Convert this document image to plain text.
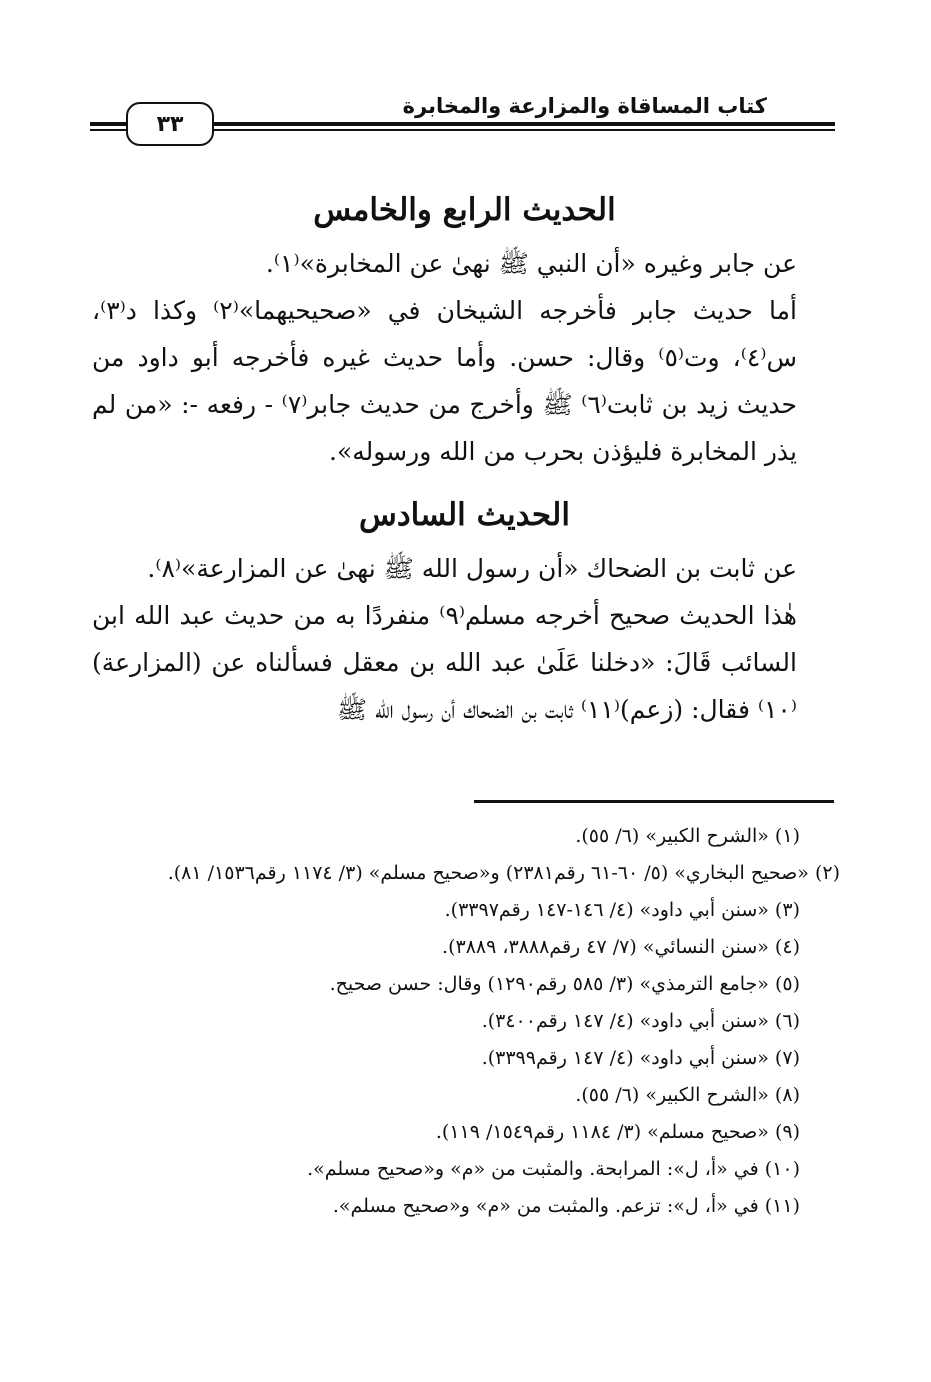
كتاب المساقاة والمزارعة والمخابرة
٣٣
الحديث الرابع والخامس

عن جابر وغيره «أن النبي ﷺ نهىٰ عن المخابرة»⁽١⁾.

أما حديث جابر فأخرجه الشيخان في «صحيحيهما»⁽٢⁾ وكذا د⁽٣⁾، س⁽٤⁾، وت⁽٥⁾ وقال: حسن. وأما حديث غيره فأخرجه أبو داود من حديث زيد بن ثابت⁽٦⁾ ﷺ وأخرج من حديث جابر⁽٧⁾ - رفعه -: «من لم يذر المخابرة فليؤذن بحرب من الله ورسوله».

الحديث السادس

عن ثابت بن الضحاك «أن رسول الله ﷺ نهىٰ عن المزارعة»⁽٨⁾.

هٰذا الحديث صحيح أخرجه مسلم⁽٩⁾ منفردًا به من حديث عبد الله ابن السائب قَالَ: «دخلنا عَلَىٰ عبد الله بن معقل فسألناه عن (المزارعة)⁽١٠⁾ فقال: (زعم)⁽١١⁾ ثابت بن الضحاك أن رسول الله ﷺ

(١) «الشرح الكبير» (٦/ ٥٥).

(٢) «صحيح البخاري» (٥/ ٦٠-٦١ رقم٢٣٨١) و«صحيح مسلم» (٣/ ١١٧٤ رقم١٥٣٦/ ٨١).

(٣) «سنن أبي داود» (٤/ ١٤٦-١٤٧ رقم٣٣٩٧).

(٤) «سنن النسائي» (٧/ ٤٧ رقم٣٨٨٨، ٣٨٨٩).

(٥) «جامع الترمذي» (٣/ ٥٨٥ رقم١٢٩٠) وقال: حسن صحيح.

(٦) «سنن أبي داود» (٤/ ١٤٧ رقم٣٤٠٠).

(٧) «سنن أبي داود» (٤/ ١٤٧ رقم٣٣٩٩).

(٨) «الشرح الكبير» (٦/ ٥٥).

(٩) «صحيح مسلم» (٣/ ١١٨٤ رقم١٥٤٩/ ١١٩).

(١٠) في «أ، ل»: المرابحة. والمثبت من «م» و«صحيح مسلم».

(١١) في «أ، ل»: تزعم. والمثبت من «م» و«صحيح مسلم».
